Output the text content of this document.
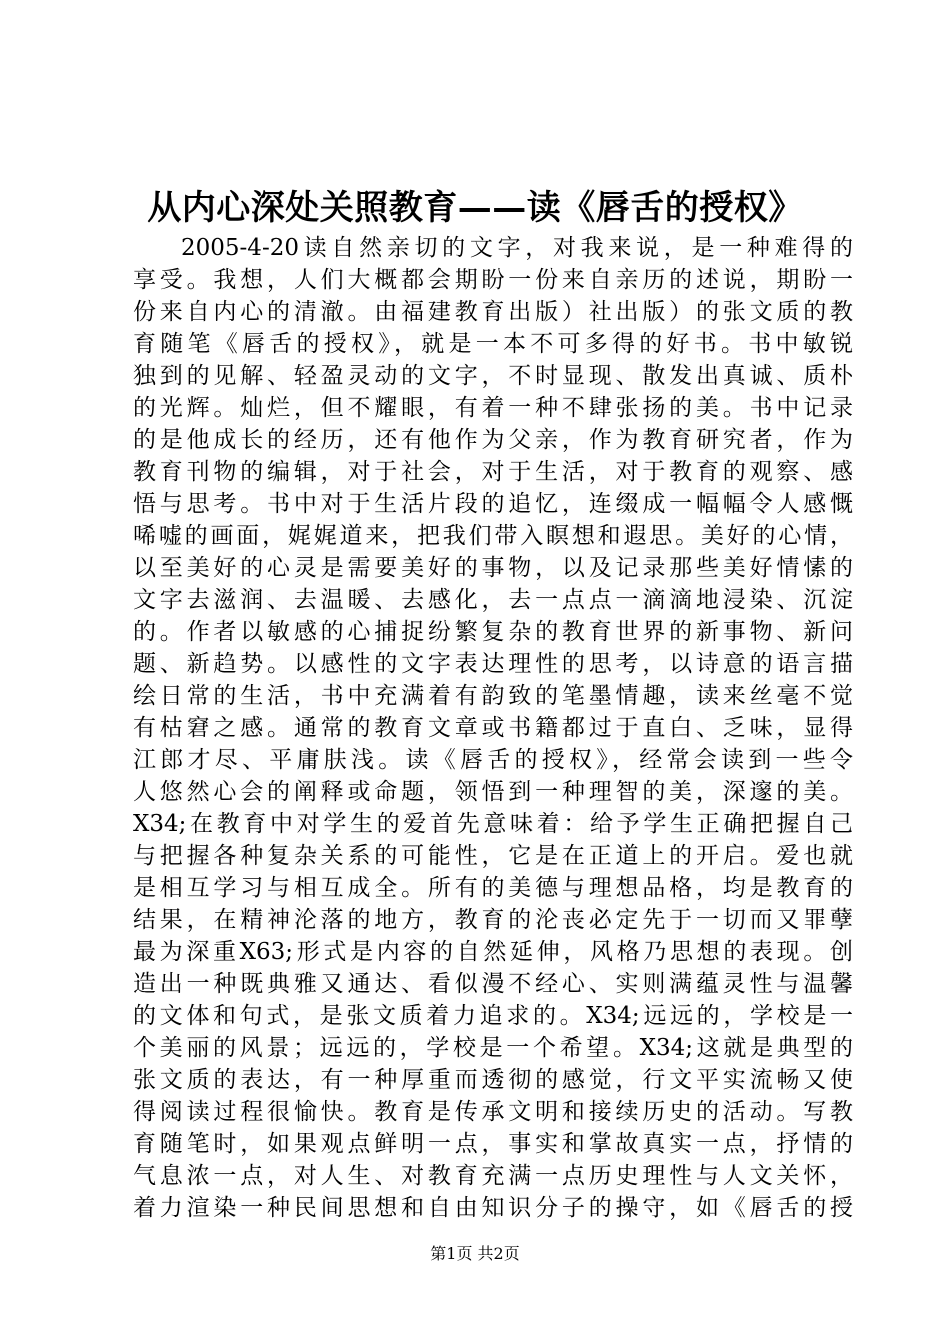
从内心深处关照教育——读《唇舌的授权》
2005-4-20读自然亲切的文字，对我来说，是一种难得的
享受。我想，人们大概都会期盼一份来自亲历的述说，期盼一
份来自内心的清澈。由福建教育出版）社出版）的张文质的教
育随笔《唇舌的授权》，就是一本不可多得的好书。书中敏锐
独到的见解、轻盈灵动的文字，不时显现、散发出真诚、质朴
的光辉。灿烂，但不耀眼，有着一种不肆张扬的美。书中记录
的是他成长的经历，还有他作为父亲，作为教育研究者，作为
教育刊物的编辑，对于社会，对于生活，对于教育的观察、感
悟与思考。书中对于生活片段的追忆，连缀成一幅幅令人感慨
唏嘘的画面，娓娓道来，把我们带入瞑想和遐思。美好的心情，
以至美好的心灵是需要美好的事物，以及记录那些美好情愫的
文字去滋润、去温暖、去感化，去一点点一滴滴地浸染、沉淀
的。作者以敏感的心捕捉纷繁复杂的教育世界的新事物、新问
题、新趋势。以感性的文字表达理性的思考，以诗意的语言描
绘日常的生活，书中充满着有韵致的笔墨情趣，读来丝毫不觉
有枯窘之感。通常的教育文章或书籍都过于直白、乏味，显得
江郎才尽、平庸肤浅。读《唇舌的授权》，经常会读到一些令
人悠然心会的阐释或命题，领悟到一种理智的美，深邃的美。
X34;在教育中对学生的爱首先意味着：给予学生正确把握自己
与把握各种复杂关系的可能性，它是在正道上的开启。爱也就
是相互学习与相互成全。所有的美德与理想品格，均是教育的
结果，在精神沦落的地方，教育的沦丧必定先于一切而又罪孽
最为深重X63;形式是内容的自然延伸，风格乃思想的表现。创
造出一种既典雅又通达、看似漫不经心、实则满蕴灵性与温馨
的文体和句式，是张文质着力追求的。X34;远远的，学校是一
个美丽的风景；远远的，学校是一个希望。X34;这就是典型的
张文质的表达，有一种厚重而透彻的感觉，行文平实流畅又使
得阅读过程很愉快。教育是传承文明和接续历史的活动。写教
育随笔时，如果观点鲜明一点，事实和掌故真实一点，抒情的
气息浓一点，对人生、对教育充满一点历史理性与人文关怀，
着力渲染一种民间思想和自由知识分子的操守，如《唇舌的授
第1页 共2页
